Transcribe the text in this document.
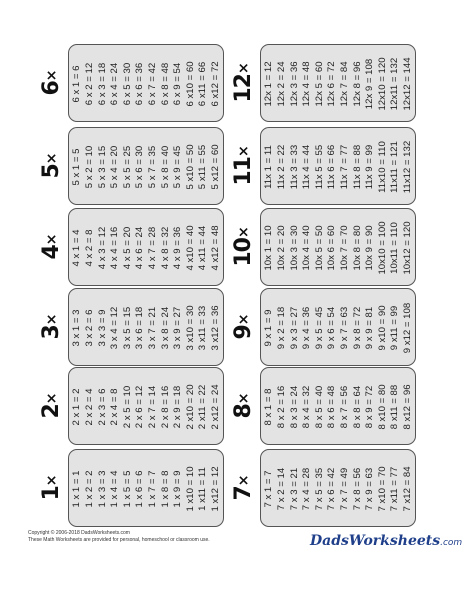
6×	6 x 1 = 6 6 x 2 = 12 6 x 3 = 18 6 x 4 = 24 6 x 5 = 30 6 x 6 = 36 6 x 7 = 42 6 x 8 = 48 6 x 9 = 54 6 x10 = 60 6 x11 = 66 6 x12 = 72 12×	12x 1 = 12 12x 2 = 24 12x 3 = 36 12x 4 = 48 12x 5 = 60 12x 6 = 72 12x 7 = 84 12x 8 = 96 12x 9 = 108 12x10 = 120 12x11 = 132 12x12 = 144
5×	5 x 1 = 5 5 x 2 = 10 5 x 3 = 15 5 x 4 = 20 5 x 5 = 25 5 x 6 = 30 5 x 7 = 35 5 x 8 = 40 5 x 9 = 45 5 x10 = 50 5 x11 = 55 5 x12 = 60 11×	11x 1 = 11 11x 2 = 22 11x 3 = 33 11x 4 = 44 11x 5 = 55 11x 6 = 66 11x 7 = 77 11x 8 = 88 11x 9 = 99 11x10 = 110 11x11 = 121 11x12 = 132
4×	4 x 1 = 4 4 x 2 = 8 4 x 3 = 12 4 x 4 = 16 4 x 5 = 20 4 x 6 = 24 4 x 7 = 28 4 x 8 = 32 4 x 9 = 36 4 x10 = 40 4 x11 = 44 4 x12 = 48 10×	10x 1 = 10 10x 2 = 20 10x 3 = 30 10x 4 = 40 10x 5 = 50 10x 6 = 60 10x 7 = 70 10x 8 = 80 10x 9 = 90 10x10 = 100 10x11 = 110 10x12 = 120
3×	3 x 1 = 3 3 x 2 = 6 3 x 3 = 9 3 x 4 = 12 3 x 5 = 15 3 x 6 = 18 3 x 7 = 21 3 x 8 = 24 3 x 9 = 27 3 x10 = 30 3 x11 = 33 3 x12 = 36 9×	9 x 1 = 9 9 x 2 = 18 9 x 3 = 27 9 x 4 = 36 9 x 5 = 45 9 x 6 = 54 9 x 7 = 63 9 x 8 = 72 9 x 9 = 81 9 x10 = 90 9 x11 = 99 9 x12 = 108
2×	2 x 1 = 2 2 x 2 = 4 2 x 3 = 6 2 x 4 = 8 2 x 5 = 10 2 x 6 = 12 2 x 7 = 14 2 x 8 = 16 2 x 9 = 18 2 x10 = 20 2 x11 = 22 2 x12 = 24 8×	8 x 1 = 8 8 x 2 = 16 8 x 3 = 24 8 x 4 = 32 8 x 5 = 40 8 x 6 = 48 8 x 7 = 56 8 x 8 = 64 8 x 9 = 72 8 x10 = 80 8 x11 = 88 8 x12 = 96
1×	1 x 1 = 1 1 x 2 = 2 1 x 3 = 3 1 x 4 = 4 1 x 5 = 5 1 x 6 = 6 1 x 7 = 7 1 x 8 = 8 1 x 9 = 9 1 x10 = 10 1 x11 = 11 1 x12 = 12 7×	7 x 1 = 7 7 x 2 = 14 7 x 3 = 21 7 x 4 = 28 7 x 5 = 35 7 x 6 = 42 7 x 7 = 49 7 x 8 = 56 7 x 9 = 63 7 x10 = 70 7 x11 = 77 7 x12 = 84
Copyright © 2006-2018 DadsWorksheets.com
These Math Worksheets are provided for personal, homeschool or classroom use.	DadsWorksheets.com
